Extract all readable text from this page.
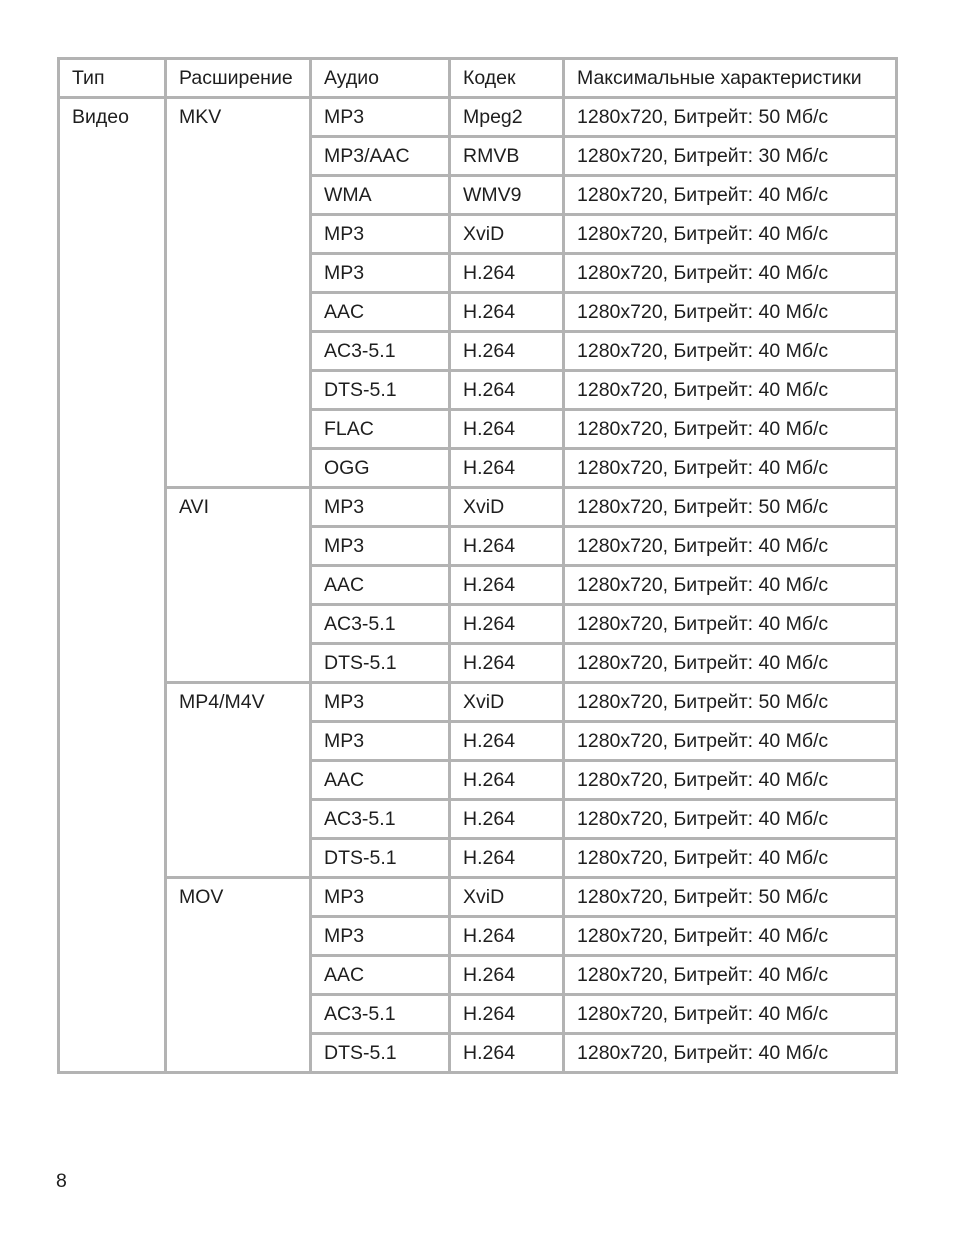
Тип	Расширение	Аудио	Кодек	Максимальные характеристики
Видео	MKV	MP3	Mpeg2	1280x720, Битрейт: 50 Мб/с
		MP3/AAC	RMVB	1280x720, Битрейт: 30 Мб/с
		WMA	WMV9	1280x720, Битрейт: 40 Мб/с
		MP3	XviD	1280x720, Битрейт: 40 Мб/с
		MP3	H.264	1280x720, Битрейт: 40 Мб/с
		AAC	H.264	1280x720, Битрейт: 40 Мб/с
		AC3-5.1	H.264	1280x720, Битрейт: 40 Мб/с
		DTS-5.1	H.264	1280x720, Битрейт: 40 Мб/с
		FLAC	H.264	1280x720, Битрейт: 40 Мб/с
		OGG	H.264	1280x720, Битрейт: 40 Мб/с
	AVI	MP3	XviD	1280x720, Битрейт: 50 Мб/с
		MP3	H.264	1280x720, Битрейт: 40 Мб/с
		AAC	H.264	1280x720, Битрейт: 40 Мб/с
		AC3-5.1	H.264	1280x720, Битрейт: 40 Мб/с
		DTS-5.1	H.264	1280x720, Битрейт: 40 Мб/с
	MP4/M4V	MP3	XviD	1280x720, Битрейт: 50 Мб/с
		MP3	H.264	1280x720, Битрейт: 40 Мб/с
		AAC	H.264	1280x720, Битрейт: 40 Мб/с
		AC3-5.1	H.264	1280x720, Битрейт: 40 Мб/с
		DTS-5.1	H.264	1280x720, Битрейт: 40 Мб/с
	MOV	MP3	XviD	1280x720, Битрейт: 50 Мб/с
		MP3	H.264	1280x720, Битрейт: 40 Мб/с
		AAC	H.264	1280x720, Битрейт: 40 Мб/с
		AC3-5.1	H.264	1280x720, Битрейт: 40 Мб/с
		DTS-5.1	H.264	1280x720, Битрейт: 40 Мб/с
8
